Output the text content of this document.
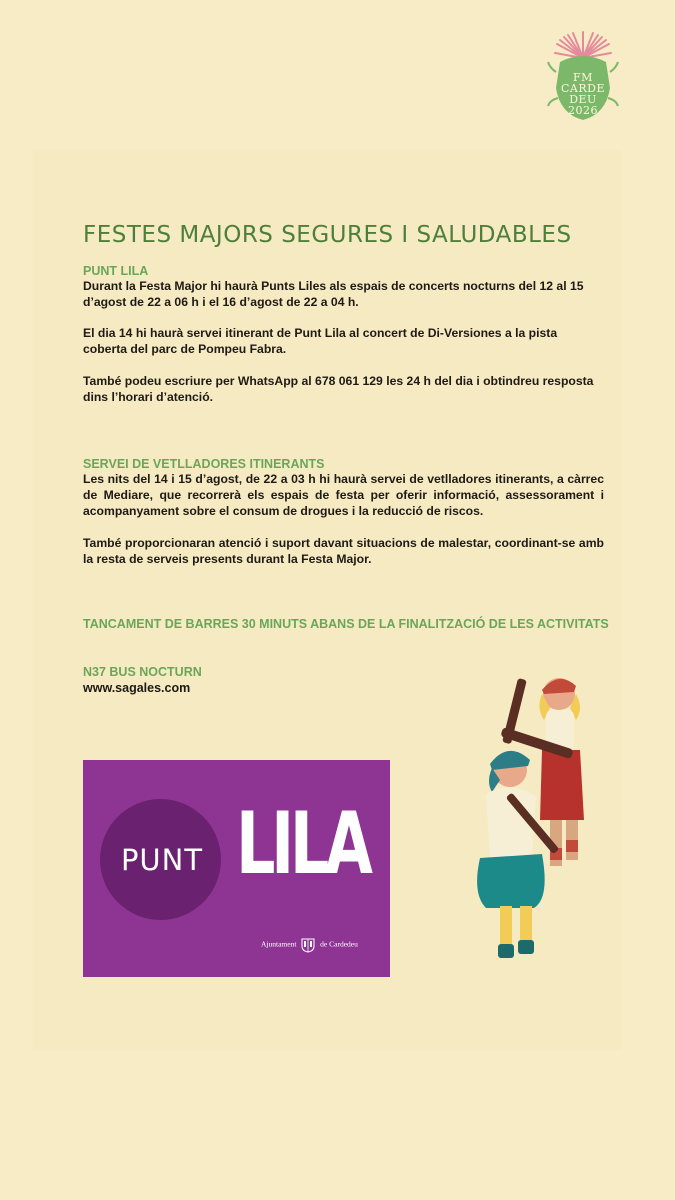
FM
CARDE
DEU
2026
FESTES MAJORS SEGURES I SALUDABLES
PUNT LILA

Durant la Festa Major hi haurà Punts Liles als espais de concerts nocturns del 12 al 15 d’agost de 22 a 06 h i el 16 d’agost de 22 a 04 h.

El dia 14 hi haurà servei itinerant de Punt Lila al concert de Di-Versiones a la pista coberta del parc de Pompeu Fabra.

També podeu escriure per WhatsApp al 678 061 129 les 24 h del dia i obtindreu resposta dins l’horari d’atenció.

SERVEI DE VETLLADORES ITINERANTS

Les nits del 14 i 15 d’agost, de 22 a 03 h hi haurà servei de vetlladores itinerants, a càrrec de Mediare, que recorrerà els espais de festa per oferir informació, assessorament i acompanyament sobre el consum de drogues i la reducció de riscos.

També proporcionaran atenció i suport davant situacions de malestar, coordinant-se amb la resta de serveis presents durant la Festa Major.

TANCAMENT DE BARRES 30 MINUTS ABANS DE LA FINALITZACIÓ DE LES ACTIVITATS
N37 BUS NOCTURN
www.sagales.com
PUNT LILA
Ajuntament	de Cardedeu
